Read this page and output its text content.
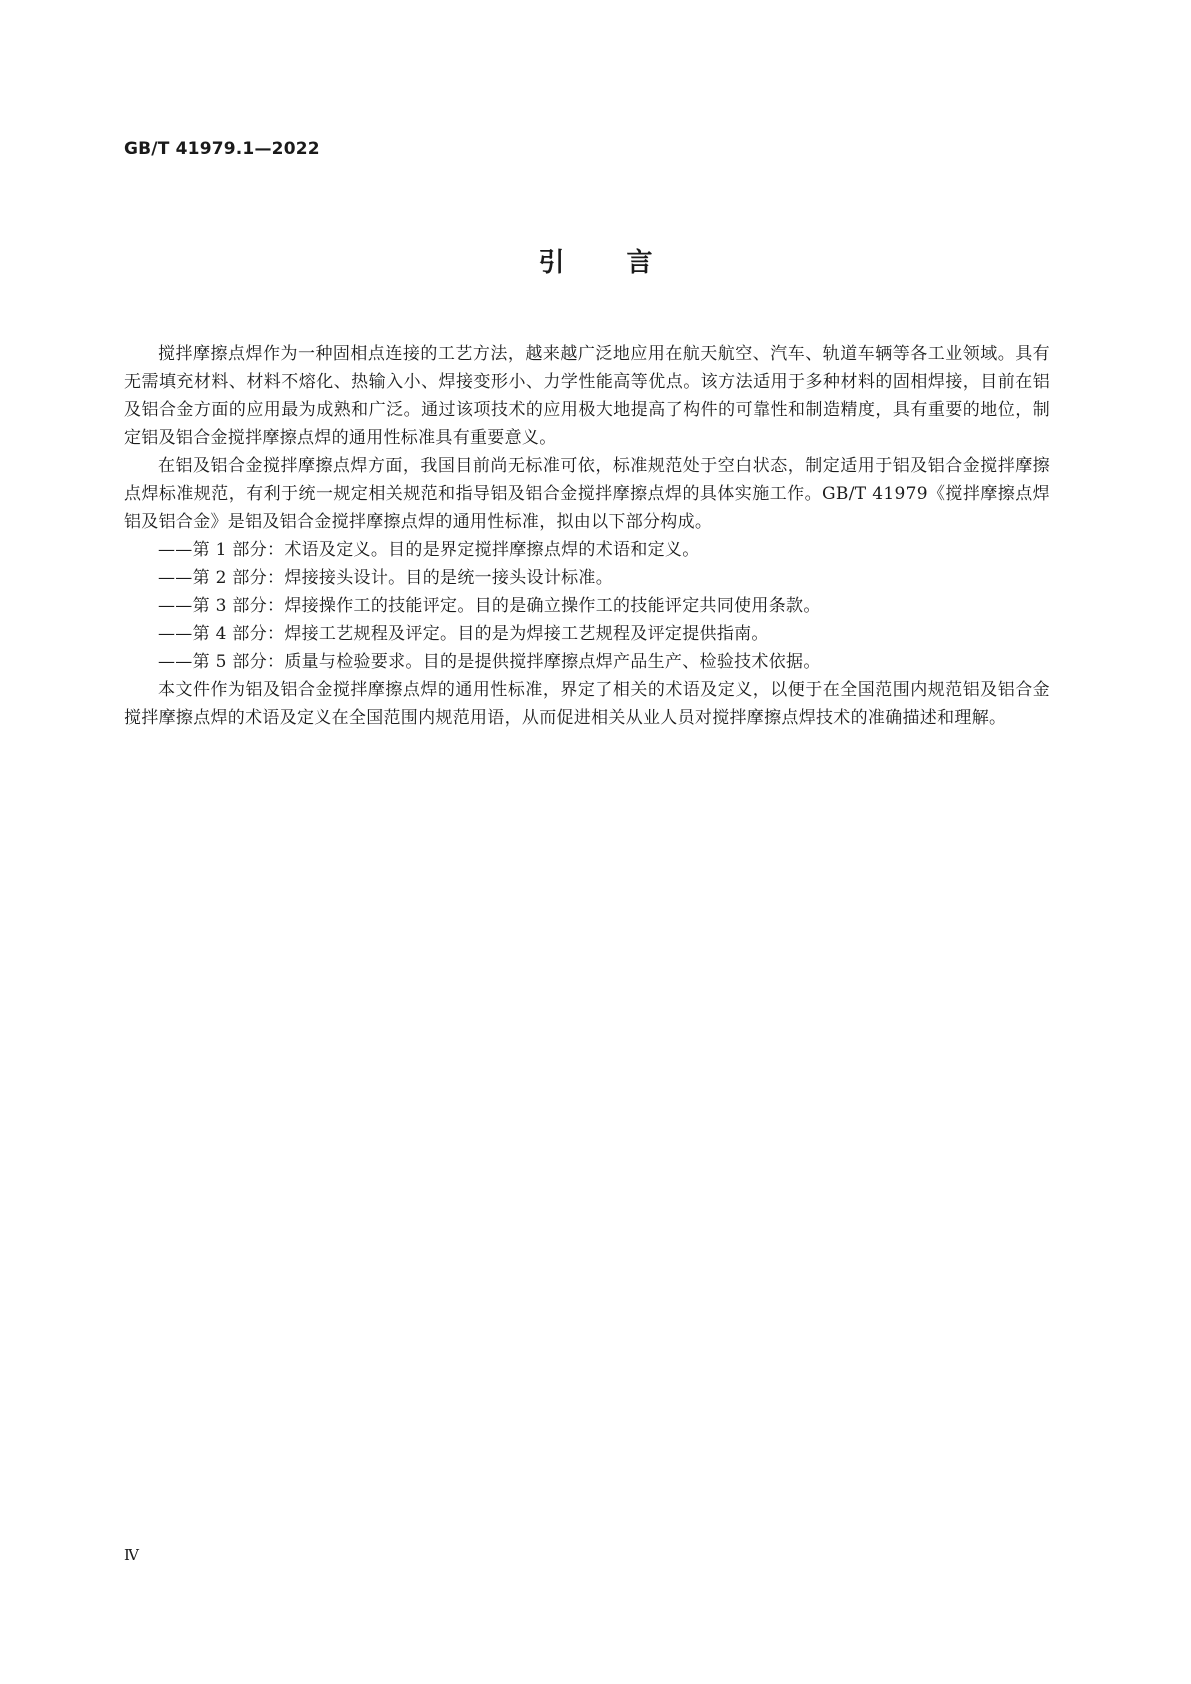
GB/T 41979.1—2022
引言

搅拌摩擦点焊作为一种固相点连接的工艺方法，越来越广泛地应用在航天航空、汽车、轨道车辆等各工业领域。具有无需填充材料、材料不熔化、热输入小、焊接变形小、力学性能高等优点。该方法适用于多种材料的固相焊接，目前在铝及铝合金方面的应用最为成熟和广泛。通过该项技术的应用极大地提高了构件的可靠性和制造精度，具有重要的地位，制定铝及铝合金搅拌摩擦点焊的通用性标准具有重要意义。

在铝及铝合金搅拌摩擦点焊方面，我国目前尚无标准可依，标准规范处于空白状态，制定适用于铝及铝合金搅拌摩擦点焊标准规范，有利于统一规定相关规范和指导铝及铝合金搅拌摩擦点焊的具体实施工作。GB/T 41979《搅拌摩擦点焊　铝及铝合金》是铝及铝合金搅拌摩擦点焊的通用性标准，拟由以下部分构成。

——第 1 部分：术语及定义。目的是界定搅拌摩擦点焊的术语和定义。

——第 2 部分：焊接接头设计。目的是统一接头设计标准。

——第 3 部分：焊接操作工的技能评定。目的是确立操作工的技能评定共同使用条款。

——第 4 部分：焊接工艺规程及评定。目的是为焊接工艺规程及评定提供指南。

——第 5 部分：质量与检验要求。目的是提供搅拌摩擦点焊产品生产、检验技术依据。

本文件作为铝及铝合金搅拌摩擦点焊的通用性标准，界定了相关的术语及定义，以便于在全国范围内规范铝及铝合金搅拌摩擦点焊的术语及定义在全国范围内规范用语，从而促进相关从业人员对搅拌摩擦点焊技术的准确描述和理解。

Ⅳ
